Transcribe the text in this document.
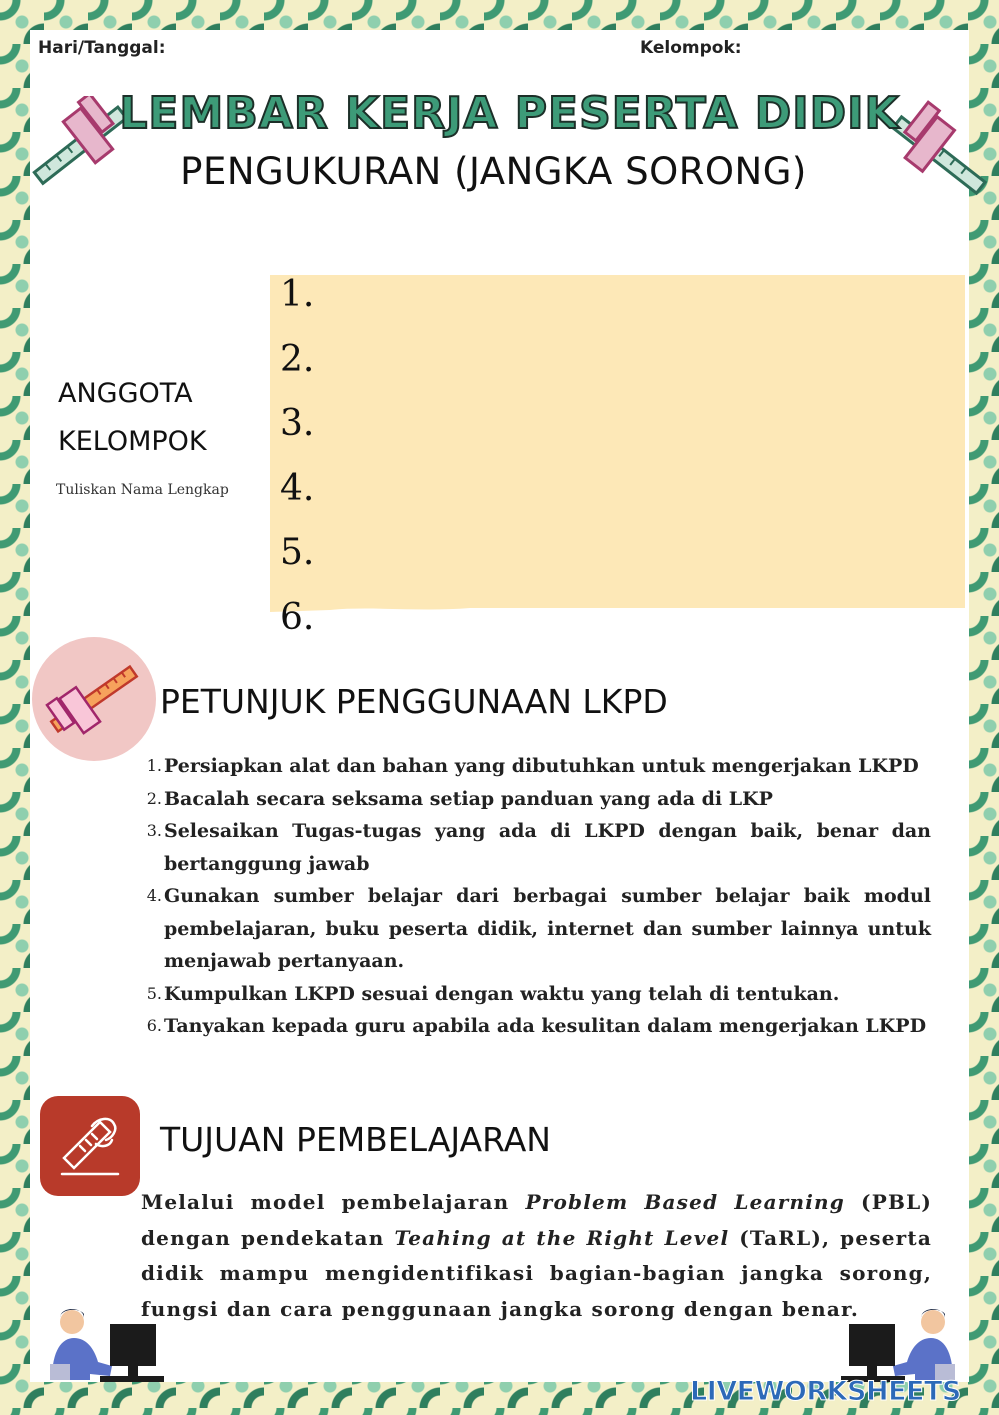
Hari/Tanggal:	Kelompok:
LEMBAR KERJA PESERTA DIDIK
PENGUKURAN (JANGKA SORONG)
ANGGOTA
KELOMPOK
Tuliskan Nama Lengkap
1.
2.
3.
4.
5.
6.
PETUNJUK PENGGUNAAN LKPD
1. Persiapkan alat dan bahan yang dibutuhkan untuk mengerjakan LKPD
2. Bacalah secara seksama setiap panduan yang ada di LKP
3. Selesaikan Tugas-tugas yang ada di LKPD dengan baik, benar dan bertanggung jawab
4. Gunakan sumber belajar dari berbagai sumber belajar baik modul pembelajaran, buku peserta didik, internet dan sumber lainnya untuk menjawab pertanyaan.
5. Kumpulkan LKPD sesuai dengan waktu yang telah di tentukan.
6. Tanyakan kepada guru apabila ada kesulitan dalam mengerjakan LKPD
TUJUAN PEMBELAJARAN
Melalui model pembelajaran Problem Based Learning (PBL) dengan pendekatan Teahing at the Right Level (TaRL), peserta didik mampu mengidentifikasi bagian-bagian jangka sorong, fungsi dan cara penggunaan jangka sorong dengan benar.
LIVEWORKSHEETS
